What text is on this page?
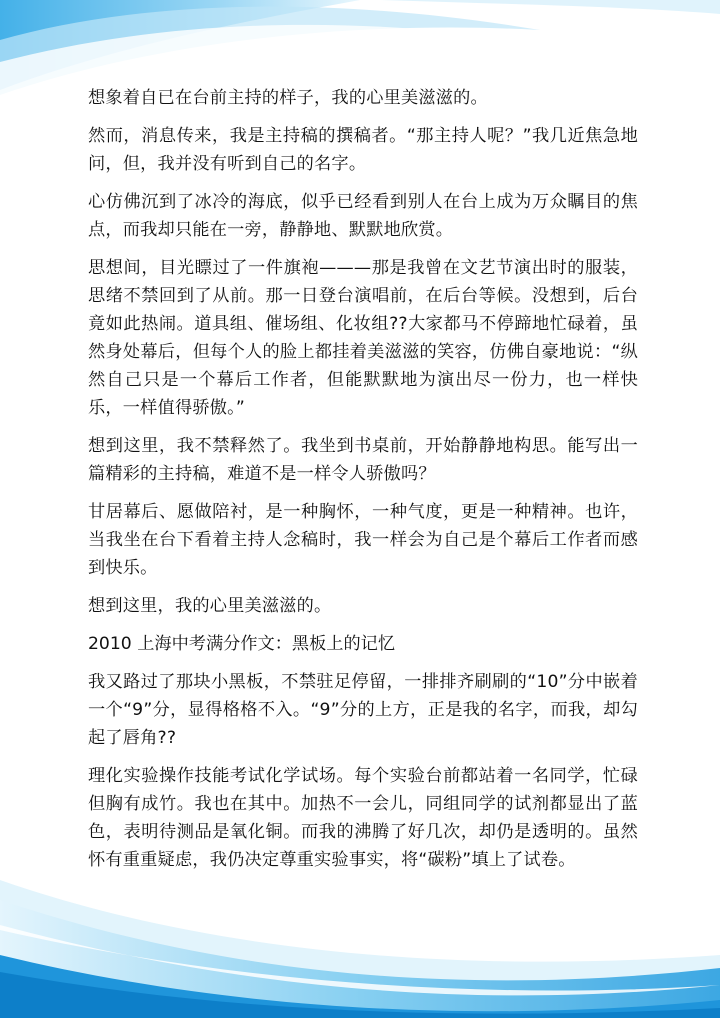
想象着自已在台前主持的样子，我的心里美滋滋的。

然而，消息传来，我是主持稿的撰稿者。“那主持人呢？”我几近焦急地问，但，我并没有听到自己的名字。

心仿佛沉到了冰冷的海底，似乎已经看到别人在台上成为万众瞩目的焦点，而我却只能在一旁，静静地、默默地欣赏。

思想间，目光瞟过了一件旗袍———那是我曾在文艺节演出时的服装，思绪不禁回到了从前。那一日登台演唱前，在后台等候。没想到，后台竟如此热闹。道具组、催场组、化妆组??大家都马不停蹄地忙碌着，虽然身处幕后，但每个人的脸上都挂着美滋滋的笑容，仿佛自豪地说：“纵然自己只是一个幕后工作者，但能默默地为演出尽一份力，也一样快乐，一样值得骄傲。”

想到这里，我不禁释然了。我坐到书桌前，开始静静地构思。能写出一篇精彩的主持稿，难道不是一样令人骄傲吗？

甘居幕后、愿做陪衬，是一种胸怀，一种气度，更是一种精神。也许，当我坐在台下看着主持人念稿时，我一样会为自己是个幕后工作者而感到快乐。

想到这里，我的心里美滋滋的。

2010 上海中考满分作文：黑板上的记忆

我又路过了那块小黑板，不禁驻足停留，一排排齐刷刷的“10”分中嵌着一个“9”分，显得格格不入。“9”分的上方，正是我的名字，而我，却勾起了唇角??

理化实验操作技能考试化学试场。每个实验台前都站着一名同学，忙碌但胸有成竹。我也在其中。加热不一会儿，同组同学的试剂都显出了蓝色，表明待测品是氧化铜。而我的沸腾了好几次，却仍是透明的。虽然怀有重重疑虑，我仍决定尊重实验事实，将“碳粉”填上了试卷。
